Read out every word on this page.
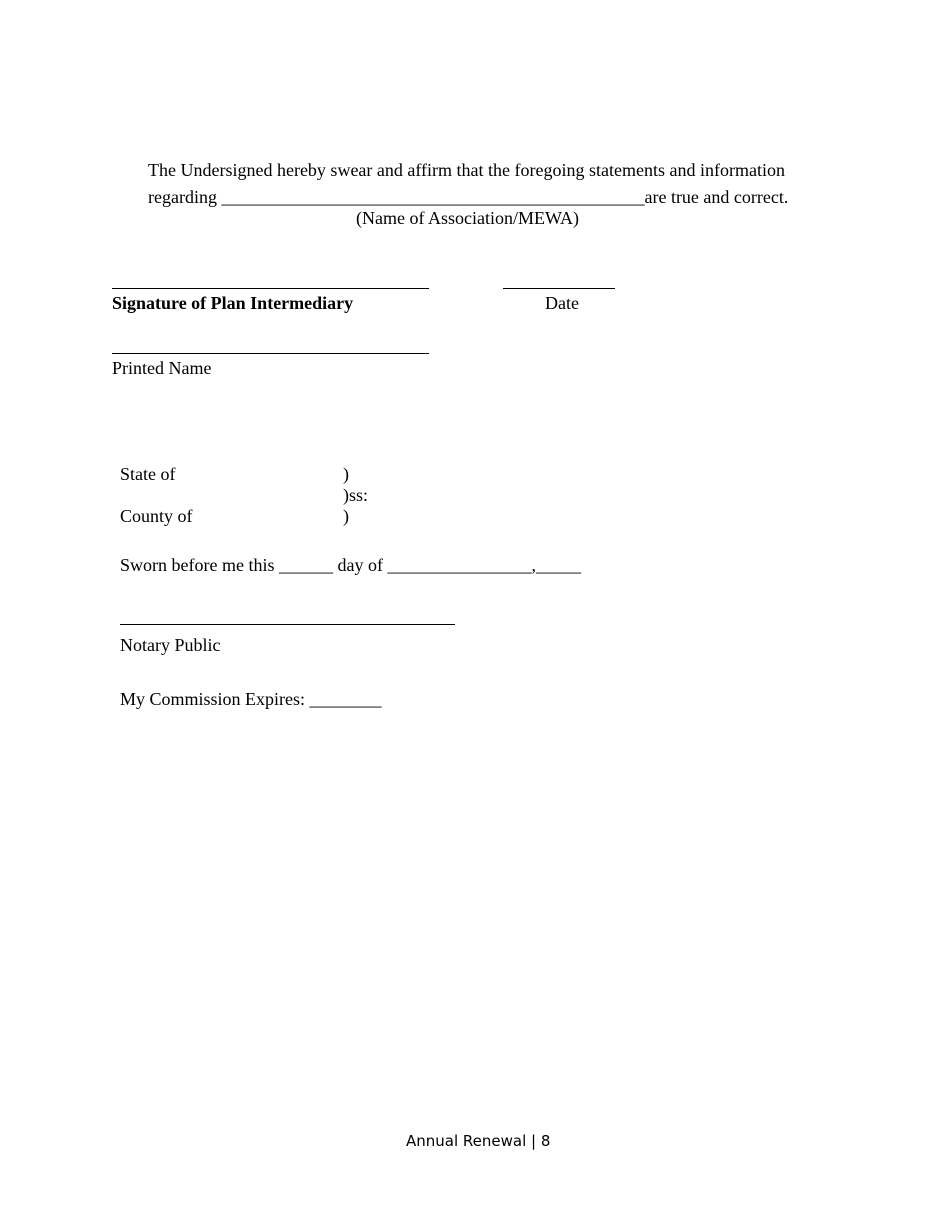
The Undersigned hereby swear and affirm that the foregoing statements and information
regarding _______________________________________________are true and correct.
(Name of Association/MEWA)
Signature of Plan Intermediary	Date
Printed Name
State of	)
)ss:
County of	)
Sworn before me this ______ day of ________________,_____
Notary Public
My Commission Expires: ________
Annual Renewal | 8
